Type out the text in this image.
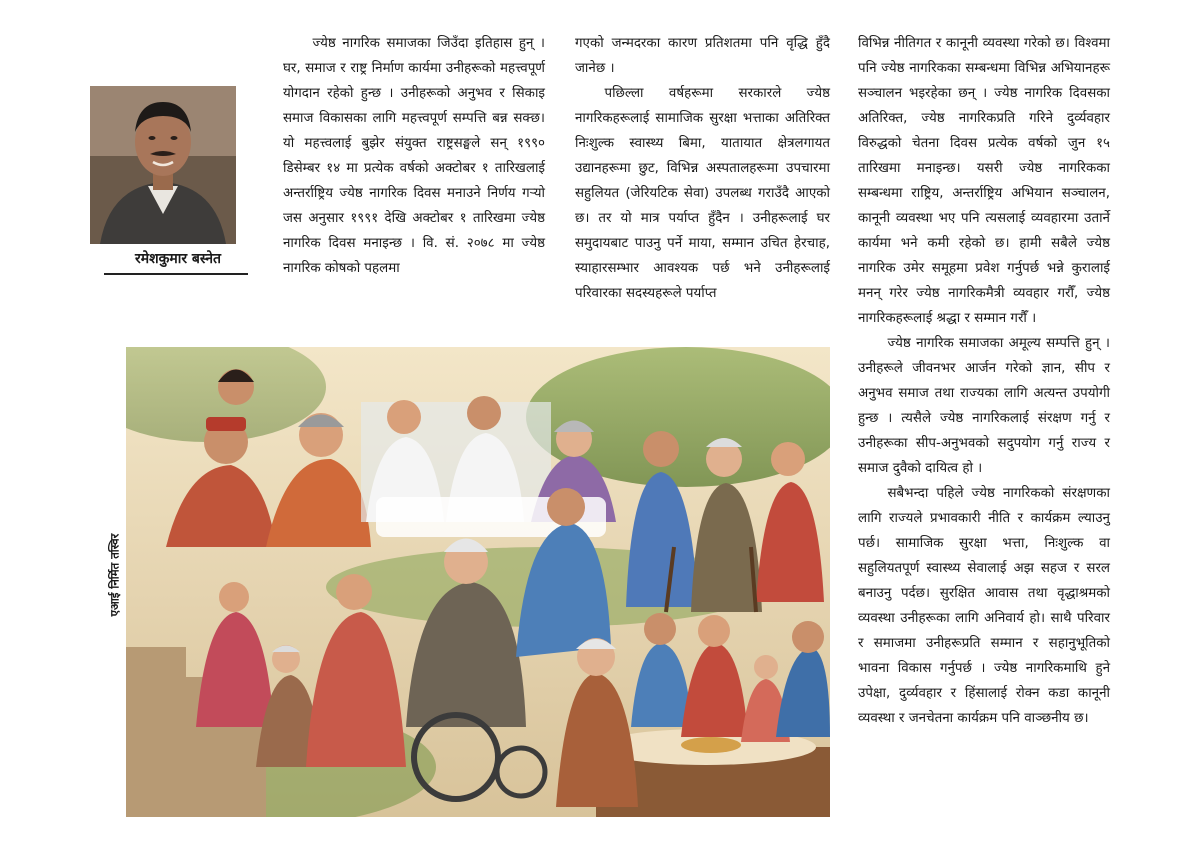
ज्येष्ठ नागरिक समाजका जिउँदा इतिहास हुन् । घर, समाज र राष्ट्र निर्माण कार्यमा उनीहरूको महत्त्वपूर्ण योगदान रहेको हुन्छ । उनीहरूको अनुभव र सिकाइ समाज विकासका लागि महत्त्वपूर्ण सम्पत्ति बन्न सक्छ। यो महत्त्वलाई बुझेर संयुक्त राष्ट्रसङ्घले सन् १९९० डिसेम्बर १४ मा प्रत्येक वर्षको अक्टोबर १ तारिखलाई अन्तर्राष्ट्रिय ज्येष्ठ नागरिक दिवस मनाउने निर्णय गऱ्यो जस अनुसार १९९१ देखि अक्टोबर १ तारिखमा ज्येष्ठ नागरिक दिवस मनाइन्छ । वि. सं. २०७८ मा ज्येष्ठ नागरिक कोषको पहलमा

रमेशकुमार बस्नेत

गएको जन्मदरका कारण प्रतिशतमा पनि वृद्धि हुँदै जानेछ ।

पछिल्ला वर्षहरूमा सरकारले ज्येष्ठ नागरिकहरूलाई सामाजिक सुरक्षा भत्ताका अतिरिक्त निःशुल्क स्वास्थ्य बिमा, यातायात क्षेत्रलगायत उद्यानहरूमा छुट, विभिन्न अस्पतालहरूमा उपचारमा सहुलियत (जेरियटिक सेवा) उपलब्ध गराउँदै आएको छ। तर यो मात्र पर्याप्त हुँदैन । उनीहरूलाई घर समुदायबाट पाउनु पर्ने माया, सम्मान उचित हेरचाह, स्याहारसम्भार आवश्यक पर्छ भने उनीहरूलाई परिवारका सदस्यहरूले पर्याप्त

विभिन्न नीतिगत र कानूनी व्यवस्था गरेको छ। विश्वमा पनि ज्येष्ठ नागरिकका सम्बन्धमा विभिन्न अभियानहरू सञ्चालन भइरहेका छन् । ज्येष्ठ नागरिक दिवसका अतिरिक्त, ज्येष्ठ नागरिकप्रति गरिने दुर्व्यवहार विरुद्धको चेतना दिवस प्रत्येक वर्षको जुन १५ तारिखमा मनाइन्छ। यसरी ज्येष्ठ नागरिकका सम्बन्धमा राष्ट्रिय, अन्तर्राष्ट्रिय अभियान सञ्चालन, कानूनी व्यवस्था भए पनि त्यसलाई व्यवहारमा उतार्ने कार्यमा भने कमी रहेको छ। हामी सबैले ज्येष्ठ नागरिक उमेर समूहमा प्रवेश गर्नुपर्छ भन्ने कुरालाई मनन् गरेर ज्येष्ठ नागरिकमैत्री व्यवहार गरौँ, ज्येष्ठ नागरिकहरूलाई श्रद्धा र सम्मान गरौँ ।

ज्येष्ठ नागरिक समाजका अमूल्य सम्पत्ति हुन् । उनीहरूले जीवनभर आर्जन गरेको ज्ञान, सीप र अनुभव समाज तथा राज्यका लागि अत्यन्त उपयोगी हुन्छ । त्यसैले ज्येष्ठ नागरिकलाई संरक्षण गर्नु र उनीहरूका सीप-अनुभवको सदुपयोग गर्नु राज्य र समाज दुवैको दायित्व हो ।

सबैभन्दा पहिले ज्येष्ठ नागरिकको संरक्षणका लागि राज्यले प्रभावकारी नीति र कार्यक्रम ल्याउनु पर्छ। सामाजिक सुरक्षा भत्ता, निःशुल्क वा सहुलियतपूर्ण स्वास्थ्य सेवालाई अझ सहज र सरल बनाउनु पर्दछ। सुरक्षित आवास तथा वृद्धाश्रमको व्यवस्था उनीहरूका लागि अनिवार्य हो। साथै परिवार र समाजमा उनीहरूप्रति सम्मान र सहानुभूतिको भावना विकास गर्नुपर्छ । ज्येष्ठ नागरिकमाथि हुने उपेक्षा, दुर्व्यवहार र हिंसालाई रोक्न कडा कानूनी व्यवस्था र जनचेतना कार्यक्रम पनि वाञ्छनीय छ।

एआई निर्मित तस्विर
